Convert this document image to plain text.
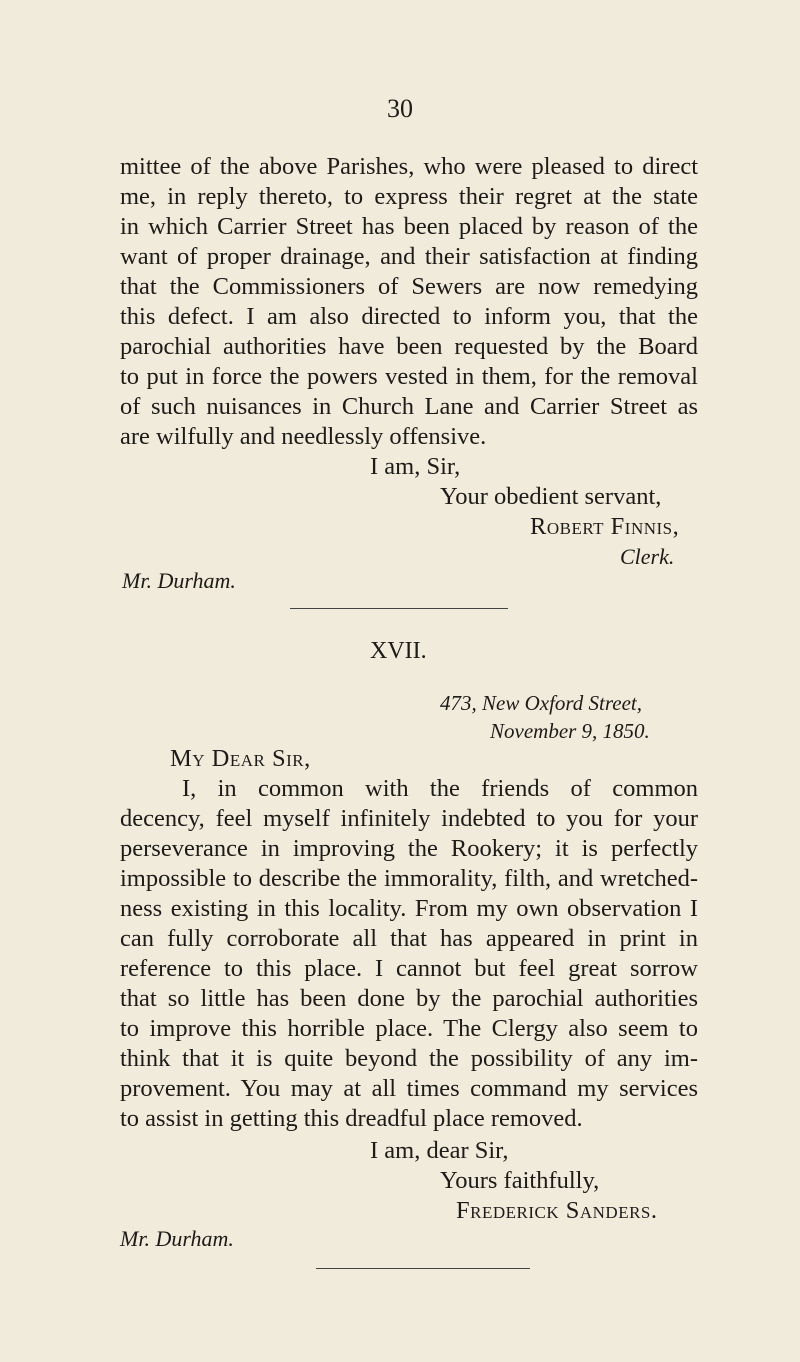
30
mittee of the above Parishes, who were pleased to direct
me, in reply thereto, to express their regret at the state
in which Carrier Street has been placed by reason of the
want of proper drainage, and their satisfaction at finding
that the Commissioners of Sewers are now remedying
this defect. I am also directed to inform you, that the
parochial authorities have been requested by the Board
to put in force the powers vested in them, for the removal
of such nuisances in Church Lane and Carrier Street as
are wilfully and needlessly offensive.
I am, Sir,
Your obedient servant,
Robert Finnis,
Clerk.
Mr. Durham.
XVII.
473, New Oxford Street,
November 9, 1850.
My Dear Sir,
I, in common with the friends of common
decency, feel myself infinitely indebted to you for your
perseverance in improving the Rookery; it is perfectly
impossible to describe the immorality, filth, and wretched-
ness existing in this locality. From my own observation I
can fully corroborate all that has appeared in print in
reference to this place. I cannot but feel great sorrow
that so little has been done by the parochial authorities
to improve this horrible place. The Clergy also seem to
think that it is quite beyond the possibility of any im-
provement. You may at all times command my services
to assist in getting this dreadful place removed.
I am, dear Sir,
Yours faithfully,
Frederick Sanders.
Mr. Durham.
